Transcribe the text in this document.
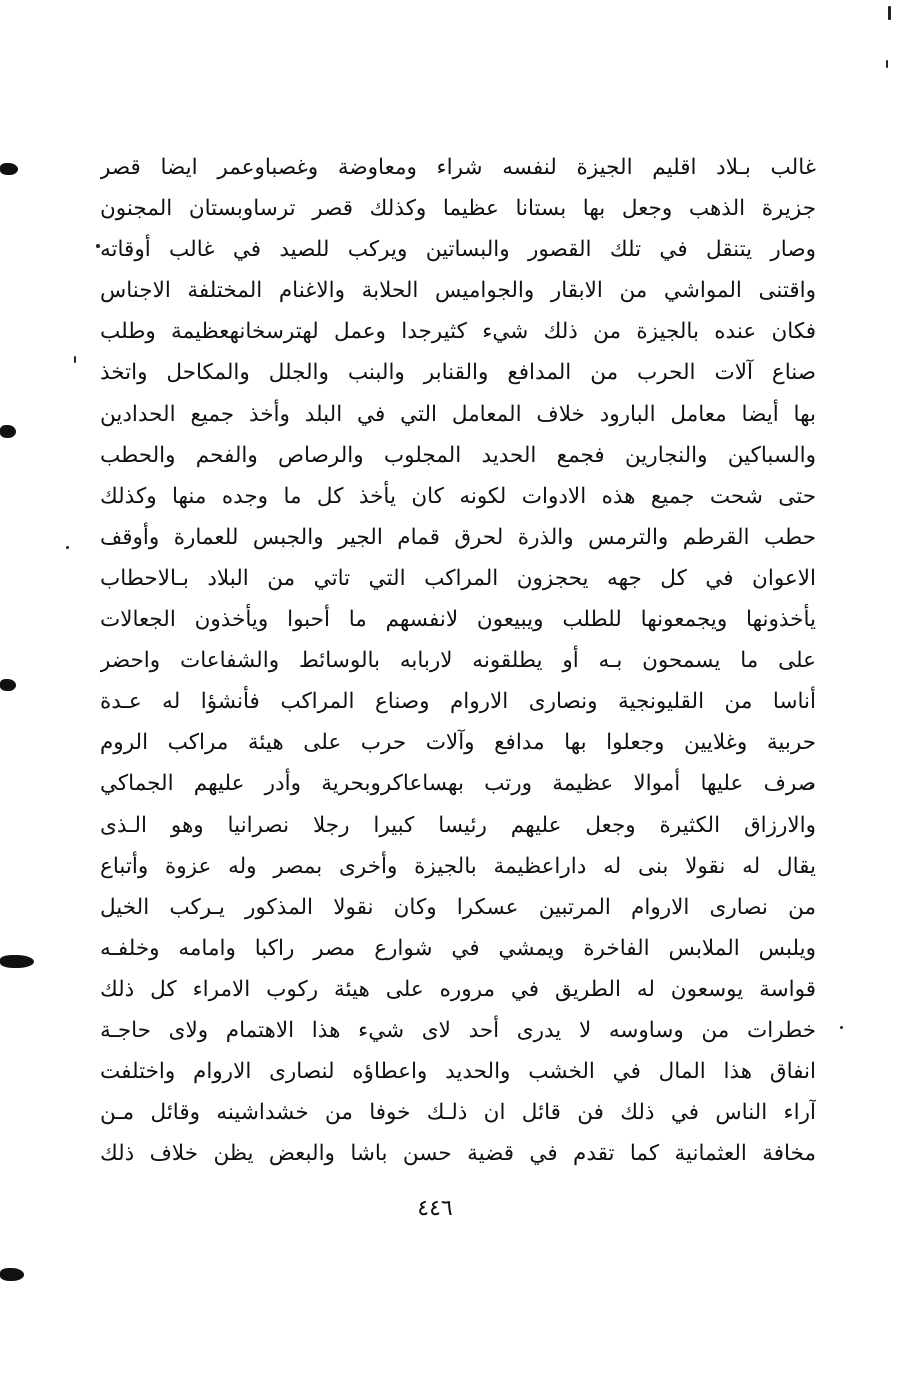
غالب بـلاد اقليم الجيزة لنفسه شراء ومعاوضة وغصباوعمر ايضا قصر
جزيرة الذهب وجعل بها بستانا عظيما وكذلك قصر ترساوبستان المجنون
وصار يتنقل في تلك القصور والبساتين ويركب للصيد في غالب أوقاته
واقتنى المواشي من الابقار والجواميس الحلابة والاغنام المختلفة الاجناس
فكان عنده بالجيزة من ذلك شيء كثيرجدا وعمل لهترسخانهعظيمة وطلب
صناع آلات الحرب من المدافع والقنابر والبنب والجلل والمكاحل واتخذ
بها أيضا معامل البارود خلاف المعامل التي في البلد وأخذ جميع الحدادين
والسباكين والنجارين فجمع الحديد المجلوب والرصاص والفحم والحطب
حتى شحت جميع هذه الادوات لكونه كان يأخذ كل ما وجده منها وكذلك
حطب القرطم والترمس والذرة لحرق قمام الجير والجبس للعمارة وأوقف
الاعوان في كل جهه يحجزون المراكب التي تاتي من البلاد بـالاحطاب
يأخذونها ويجمعونها للطلب ويبيعون لانفسهم ما أحبوا ويأخذون الجعالات
على ما يسمحون بـه أو يطلقونه لاربابه بالوسائط والشفاعات واحضر
أناسا من القليونجية ونصارى الاروام وصناع المراكب فأنشؤا له عـدة
حربية وغلايين وجعلوا بها مدافع وآلات حرب على هيئة مراكب الروم
صرف عليها أموالا عظيمة ورتب بهساعاكروبحرية وأدر عليهم الجماكي
والارزاق الكثيرة وجعل عليهم رئيسا كبيرا رجلا نصرانيا وهو الـذى
يقال له نقولا بنى له داراعظيمة بالجيزة وأخرى بمصر وله عزوة وأتباع
من نصارى الاروام المرتبين عسكرا وكان نقولا المذكور يـركب الخيل
ويلبس الملابس الفاخرة ويمشي في شوارع مصر راكبا وامامه وخلفـه
قواسة يوسعون له الطريق في مروره على هيئة ركوب الامراء كل ذلك
خطرات من وساوسه لا يدرى أحد لاى شيء هذا الاهتمام ولاى حاجـة
انفاق هذا المال في الخشب والحديد واعطاؤه لنصارى الاروام واختلفت
آراء الناس في ذلك فن قائل ان ذلـك خوفا من خشداشينه وقائل مـن
مخافة العثمانية كما تقدم في قضية حسن باشا والبعض يظن خلاف ذلك
٤٤٦
